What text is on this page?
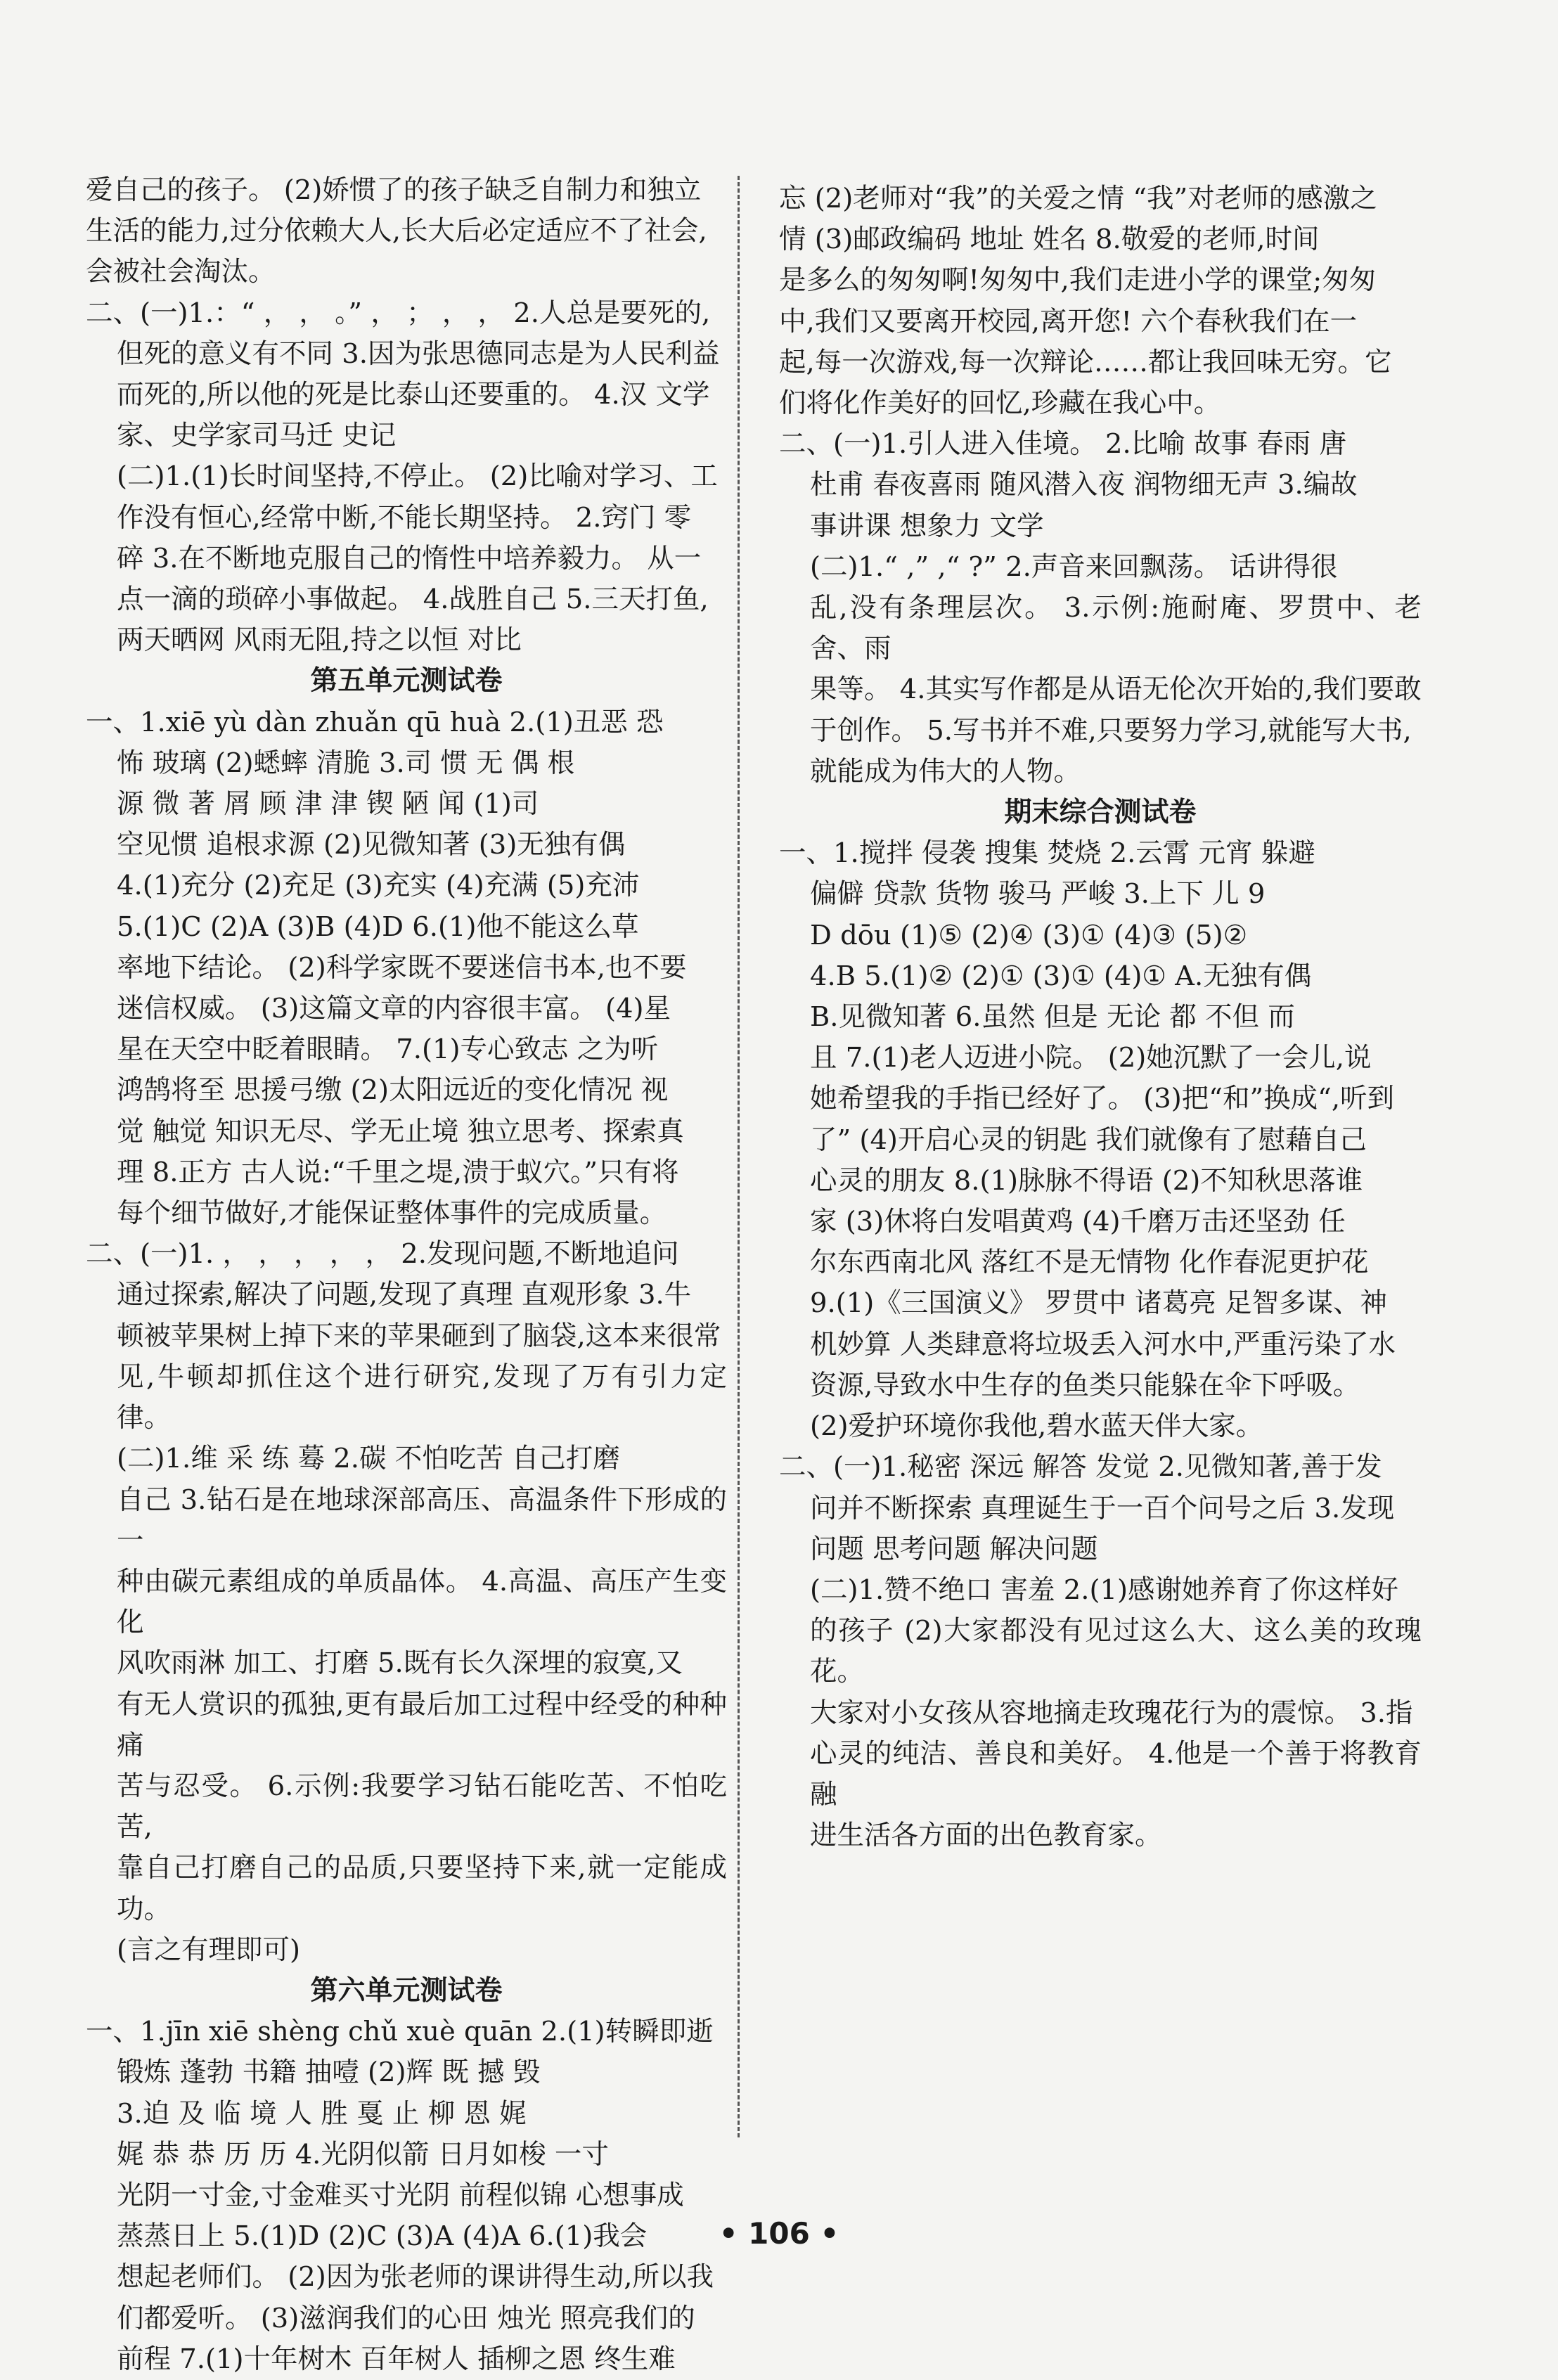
爱自己的孩子。 (2)娇惯了的孩子缺乏自制力和独立
生活的能力,过分依赖大人,长大后必定适应不了社会,
会被社会淘汰。
二、(一)1.：“ ， ， 。” ， ； ， ， 2.人总是要死的,
但死的意义有不同 3.因为张思德同志是为人民利益
而死的,所以他的死是比泰山还要重的。 4.汉 文学
家、史学家司马迁 史记
(二)1.(1)长时间坚持,不停止。 (2)比喻对学习、工
作没有恒心,经常中断,不能长期坚持。 2.窍门 零
碎 3.在不断地克服自己的惰性中培养毅力。 从一
点一滴的琐碎小事做起。 4.战胜自己 5.三天打鱼,
两天晒网 风雨无阻,持之以恒 对比
第五单元测试卷
一、1.xiē yù dàn zhuǎn qū huà 2.(1)丑恶 恐
怖 玻璃 (2)蟋蟀 清脆 3.司 惯 无 偶 根
源 微 著 屑 顾 津 津 锲 陋 闻 (1)司
空见惯 追根求源 (2)见微知著 (3)无独有偶
4.(1)充分 (2)充足 (3)充实 (4)充满 (5)充沛
5.(1)C (2)A (3)B (4)D 6.(1)他不能这么草
率地下结论。 (2)科学家既不要迷信书本,也不要
迷信权威。 (3)这篇文章的内容很丰富。 (4)星
星在天空中眨着眼睛。 7.(1)专心致志 之为听
鸿鹄将至 思援弓缴 (2)太阳远近的变化情况 视
觉 触觉 知识无尽、学无止境 独立思考、探索真
理 8.正方 古人说:“千里之堤,溃于蚁穴。”只有将
每个细节做好,才能保证整体事件的完成质量。
二、(一)1. ， ， ， ， ， 2.发现问题,不断地追问
通过探索,解决了问题,发现了真理 直观形象 3.牛
顿被苹果树上掉下来的苹果砸到了脑袋,这本来很常
见,牛顿却抓住这个进行研究,发现了万有引力定律。
(二)1.维 采 练 蓦 2.碳 不怕吃苦 自己打磨
自己 3.钻石是在地球深部高压、高温条件下形成的一
种由碳元素组成的单质晶体。 4.高温、高压产生变化
风吹雨淋 加工、打磨 5.既有长久深埋的寂寞,又
有无人赏识的孤独,更有最后加工过程中经受的种种痛
苦与忍受。 6.示例:我要学习钻石能吃苦、不怕吃苦,
靠自己打磨自己的品质,只要坚持下来,就一定能成功。
(言之有理即可)
第六单元测试卷
一、1.jīn xiē shèng chǔ xuè quān 2.(1)转瞬即逝
锻炼 蓬勃 书籍 抽噎 (2)辉 既 撼 毁
3.迫 及 临 境 人 胜 戛 止 柳 恩 娓
娓 恭 恭 历 历 4.光阴似箭 日月如梭 一寸
光阴一寸金,寸金难买寸光阴 前程似锦 心想事成
蒸蒸日上 5.(1)D (2)C (3)A (4)A 6.(1)我会
想起老师们。 (2)因为张老师的课讲得生动,所以我
们都爱听。 (3)滋润我们的心田 烛光 照亮我们的
前程 7.(1)十年树木 百年树人 插柳之恩 终生难
忘 (2)老师对“我”的关爱之情 “我”对老师的感激之
情 (3)邮政编码 地址 姓名 8.敬爱的老师,时间
是多么的匆匆啊!匆匆中,我们走进小学的课堂;匆匆
中,我们又要离开校园,离开您! 六个春秋我们在一
起,每一次游戏,每一次辩论……都让我回味无穷。它
们将化作美好的回忆,珍藏在我心中。
二、(一)1.引人进入佳境。 2.比喻 故事 春雨 唐
杜甫 春夜喜雨 随风潜入夜 润物细无声 3.编故
事讲课 想象力 文学
(二)1.“ ,” ,“ ?” 2.声音来回飘荡。 话讲得很
乱,没有条理层次。 3.示例:施耐庵、罗贯中、老舍、雨
果等。 4.其实写作都是从语无伦次开始的,我们要敢
于创作。 5.写书并不难,只要努力学习,就能写大书,
就能成为伟大的人物。
期末综合测试卷
一、1.搅拌 侵袭 搜集 焚烧 2.云霄 元宵 躲避
偏僻 贷款 货物 骏马 严峻 3.上下 儿 9
D dōu (1)⑤ (2)④ (3)① (4)③ (5)②
4.B 5.(1)② (2)① (3)① (4)① A.无独有偶
B.见微知著 6.虽然 但是 无论 都 不但 而
且 7.(1)老人迈进小院。 (2)她沉默了一会儿,说
她希望我的手指已经好了。 (3)把“和”换成“,听到
了” (4)开启心灵的钥匙 我们就像有了慰藉自己
心灵的朋友 8.(1)脉脉不得语 (2)不知秋思落谁
家 (3)休将白发唱黄鸡 (4)千磨万击还坚劲 任
尔东西南北风 落红不是无情物 化作春泥更护花
9.(1)《三国演义》 罗贯中 诸葛亮 足智多谋、神
机妙算 人类肆意将垃圾丢入河水中,严重污染了水
资源,导致水中生存的鱼类只能躲在伞下呼吸。
(2)爱护环境你我他,碧水蓝天伴大家。
二、(一)1.秘密 深远 解答 发觉 2.见微知著,善于发
问并不断探索 真理诞生于一百个问号之后 3.发现
问题 思考问题 解决问题
(二)1.赞不绝口 害羞 2.(1)感谢她养育了你这样好
的孩子 (2)大家都没有见过这么大、这么美的玫瑰花。
大家对小女孩从容地摘走玫瑰花行为的震惊。 3.指
心灵的纯洁、善良和美好。 4.他是一个善于将教育融
进生活各方面的出色教育家。
• 106 •
